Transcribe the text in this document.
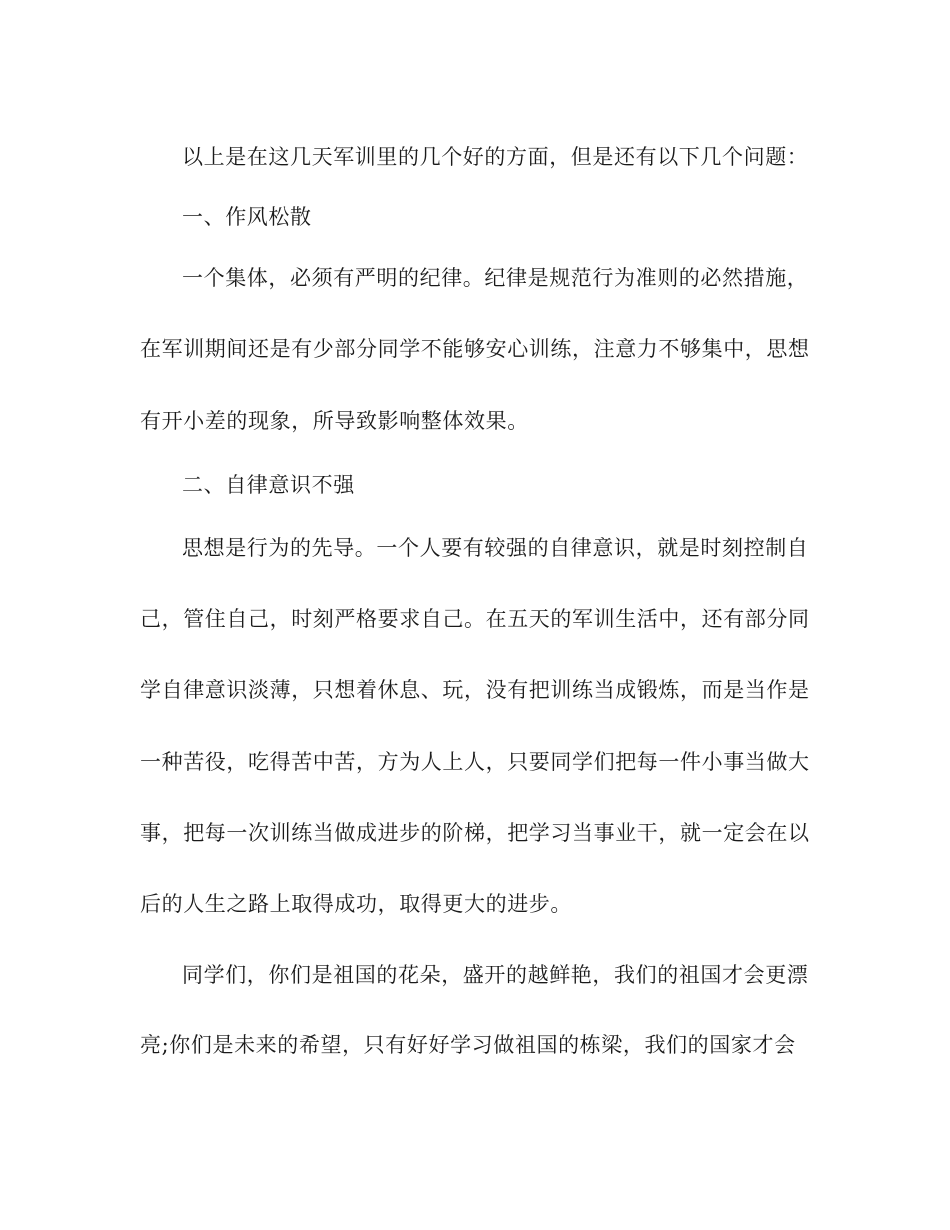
以上是在这几天军训里的几个好的方面，但是还有以下几个问题：
一、作风松散
一个集体，必须有严明的纪律。纪律是规范行为准则的必然措施，
在军训期间还是有少部分同学不能够安心训练，注意力不够集中，思想
有开小差的现象，所导致影响整体效果。
二、自律意识不强
思想是行为的先导。一个人要有较强的自律意识，就是时刻控制自
己，管住自己，时刻严格要求自己。在五天的军训生活中，还有部分同
学自律意识淡薄，只想着休息、玩，没有把训练当成锻炼，而是当作是
一种苦役，吃得苦中苦，方为人上人，只要同学们把每一件小事当做大
事，把每一次训练当做成进步的阶梯，把学习当事业干，就一定会在以
后的人生之路上取得成功，取得更大的进步。
同学们，你们是祖国的花朵，盛开的越鲜艳，我们的祖国才会更漂
亮;你们是未来的希望，只有好好学习做祖国的栋梁，我们的国家才会
